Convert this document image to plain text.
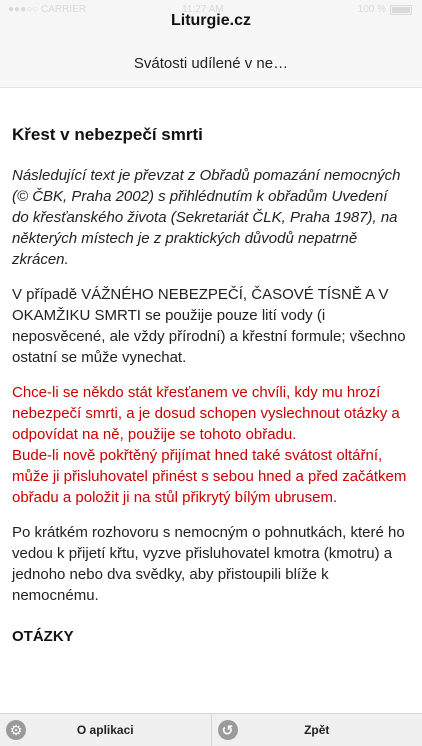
●●●○○ CARRIER	11:27 AM	100 %
Liturgie.cz
Svátosti udílené v ne…
Křest v nebezpečí smrti

Následující text je převzat z Obřadů pomazání nemocných (© ČBK, Praha 2002) s přihlédnutím k obřadům Uvedení do křesťanského života (Sekretariát ČLK, Praha 1987), na některých místech je z praktických důvodů nepatrně zkrácen.

V případě VÁŽNÉHO NEBEZPEČÍ, ČASOVÉ TÍSNĚ A V OKAMŽIKU SMRTI se použije pouze lití vody (i neposvěcené, ale vždy přírodní) a křestní formule; všechno ostatní se může vynechat.

Chce-li se někdo stát křesťanem ve chvíli, kdy mu hrozí nebezpečí smrti, a je dosud schopen vyslechnout otázky a odpovídat na ně, použije se tohoto obřadu.

Bude-li nově pokřtěný přijímat hned také svátost oltářní, může ji přisluhovatel přinést s sebou hned a před začátkem obřadu a položit ji na stůl přikrytý bílým ubrusem.

Po krátkém rozhovoru s nemocným o pohnutkách, které ho vedou k přijetí křtu, vyzve přisluhovatel kmotra (kmotru) a jednoho nebo dva svědky, aby přistoupili blíže k nemocnému.

OTÁZKY
⚙	O aplikaci	↺	Zpět
